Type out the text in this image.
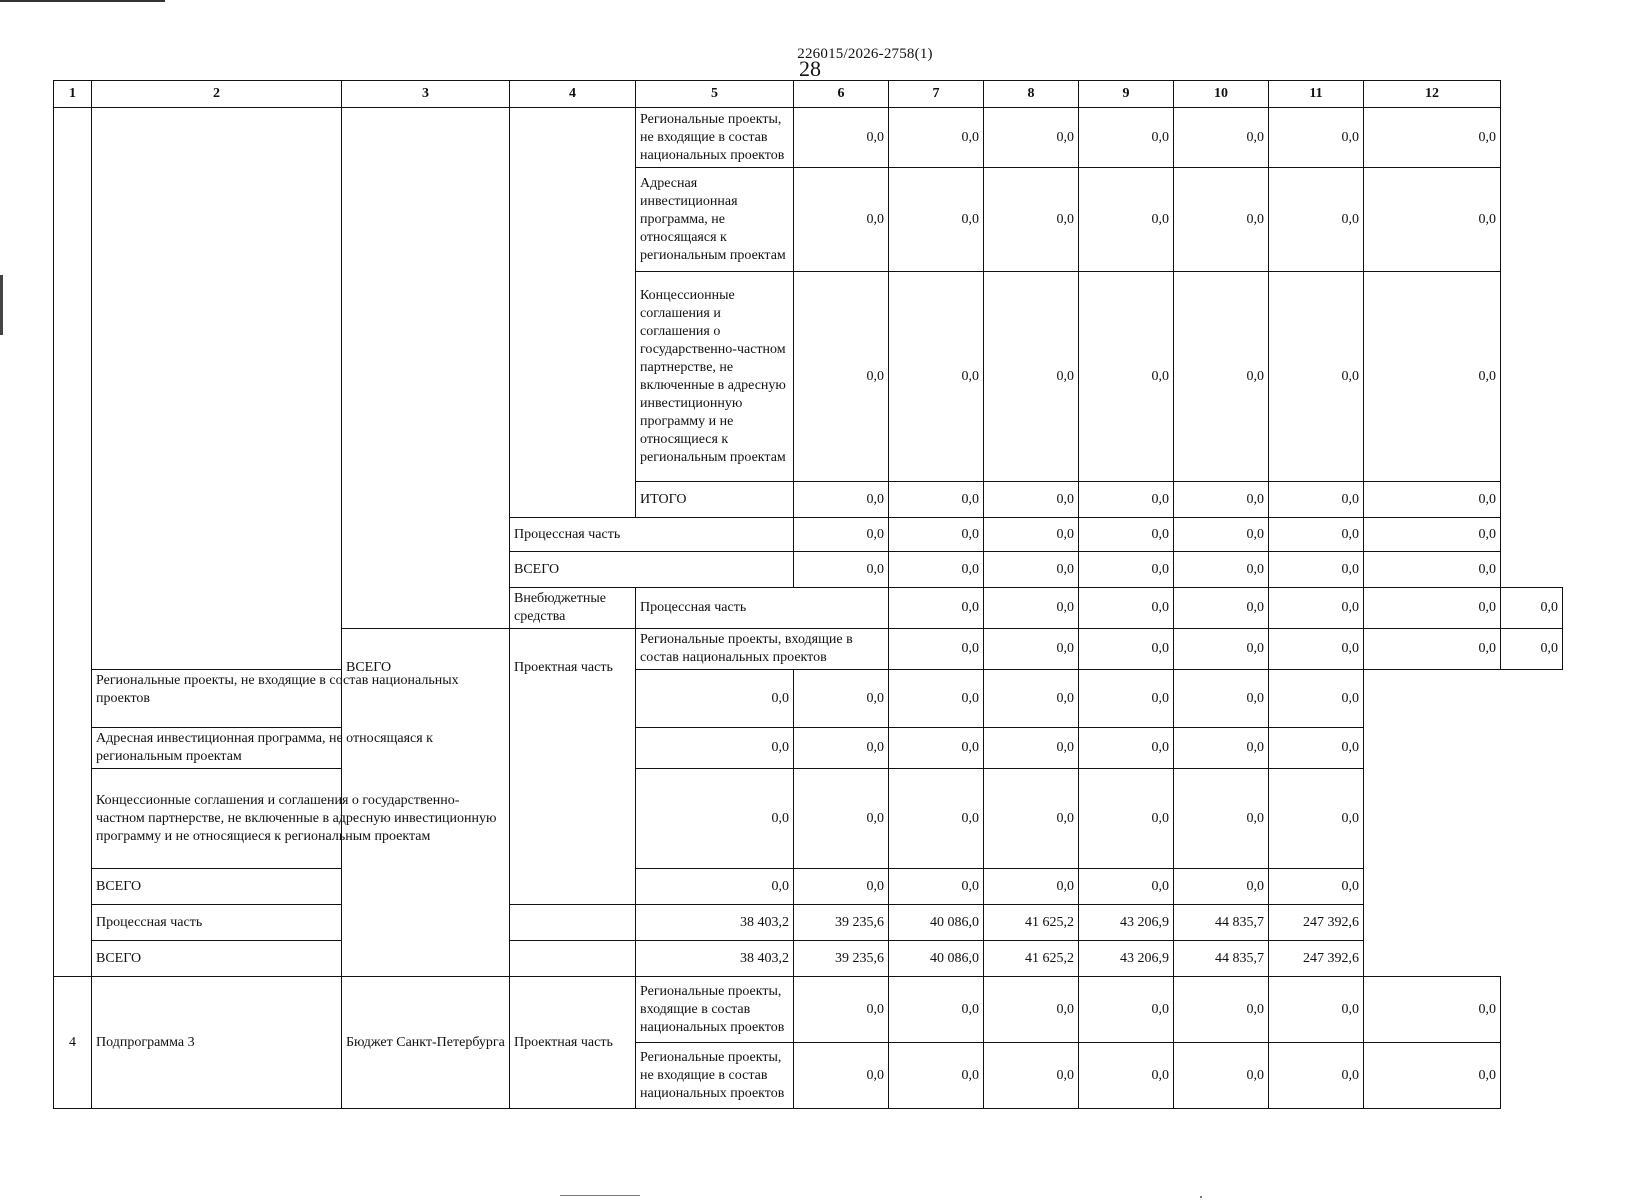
226015/2026-2758(1)
28
1	2	3	4	5	6	7	8	9	10	11	12	
				Региональные проекты, не входящие в состав национальных проектов	0,0	0,0	0,0	0,0	0,0	0,0	0,0	
				Адресная инвестиционная программа, не относящаяся к региональным проектам	0,0	0,0	0,0	0,0	0,0	0,0	0,0	
				Концессионные соглашения и соглашения о государственно-частном партнерстве, не включенные в адресную инвестиционную программу и не относящиеся к региональным проектам	0,0	0,0	0,0	0,0	0,0	0,0	0,0	
				ИТОГО	0,0	0,0	0,0	0,0	0,0	0,0	0,0	
			Процессная часть		0,0	0,0	0,0	0,0	0,0	0,0	0,0	
			ВСЕГО		0,0	0,0	0,0	0,0	0,0	0,0	0,0	
			Внебюджетные средства	Процессная часть		0,0	0,0	0,0	0,0	0,0	0,0	0,0
		ВСЕГО	Проектная часть	Региональные проекты, входящие в состав национальных проектов		0,0	0,0	0,0	0,0	0,0	0,0	0,0
	Региональные проекты, не входящие в состав национальных проектов			0,0	0,0	0,0	0,0	0,0	0,0	0,0		
	Адресная инвестиционная программа, не относящаяся к региональным проектам			0,0	0,0	0,0	0,0	0,0	0,0	0,0		
	Концессионные соглашения и соглашения о государственно-частном партнерстве, не включенные в адресную инвестиционную программу и не относящиеся к региональным проектам			0,0	0,0	0,0	0,0	0,0	0,0	0,0		
	ВСЕГО			0,0	0,0	0,0	0,0	0,0	0,0	0,0		
	Процессная часть			38 403,2	39 235,6	40 086,0	41 625,2	43 206,9	44 835,7	247 392,6		
	ВСЕГО			38 403,2	39 235,6	40 086,0	41 625,2	43 206,9	44 835,7	247 392,6		
4	Подпрограмма 3	Бюджет Санкт-Петербурга	Проектная часть	Региональные проекты, входящие в состав национальных проектов	0,0	0,0	0,0	0,0	0,0	0,0	0,0	
				Региональные проекты, не входящие в состав национальных проектов	0,0	0,0	0,0	0,0	0,0	0,0	0,0	
